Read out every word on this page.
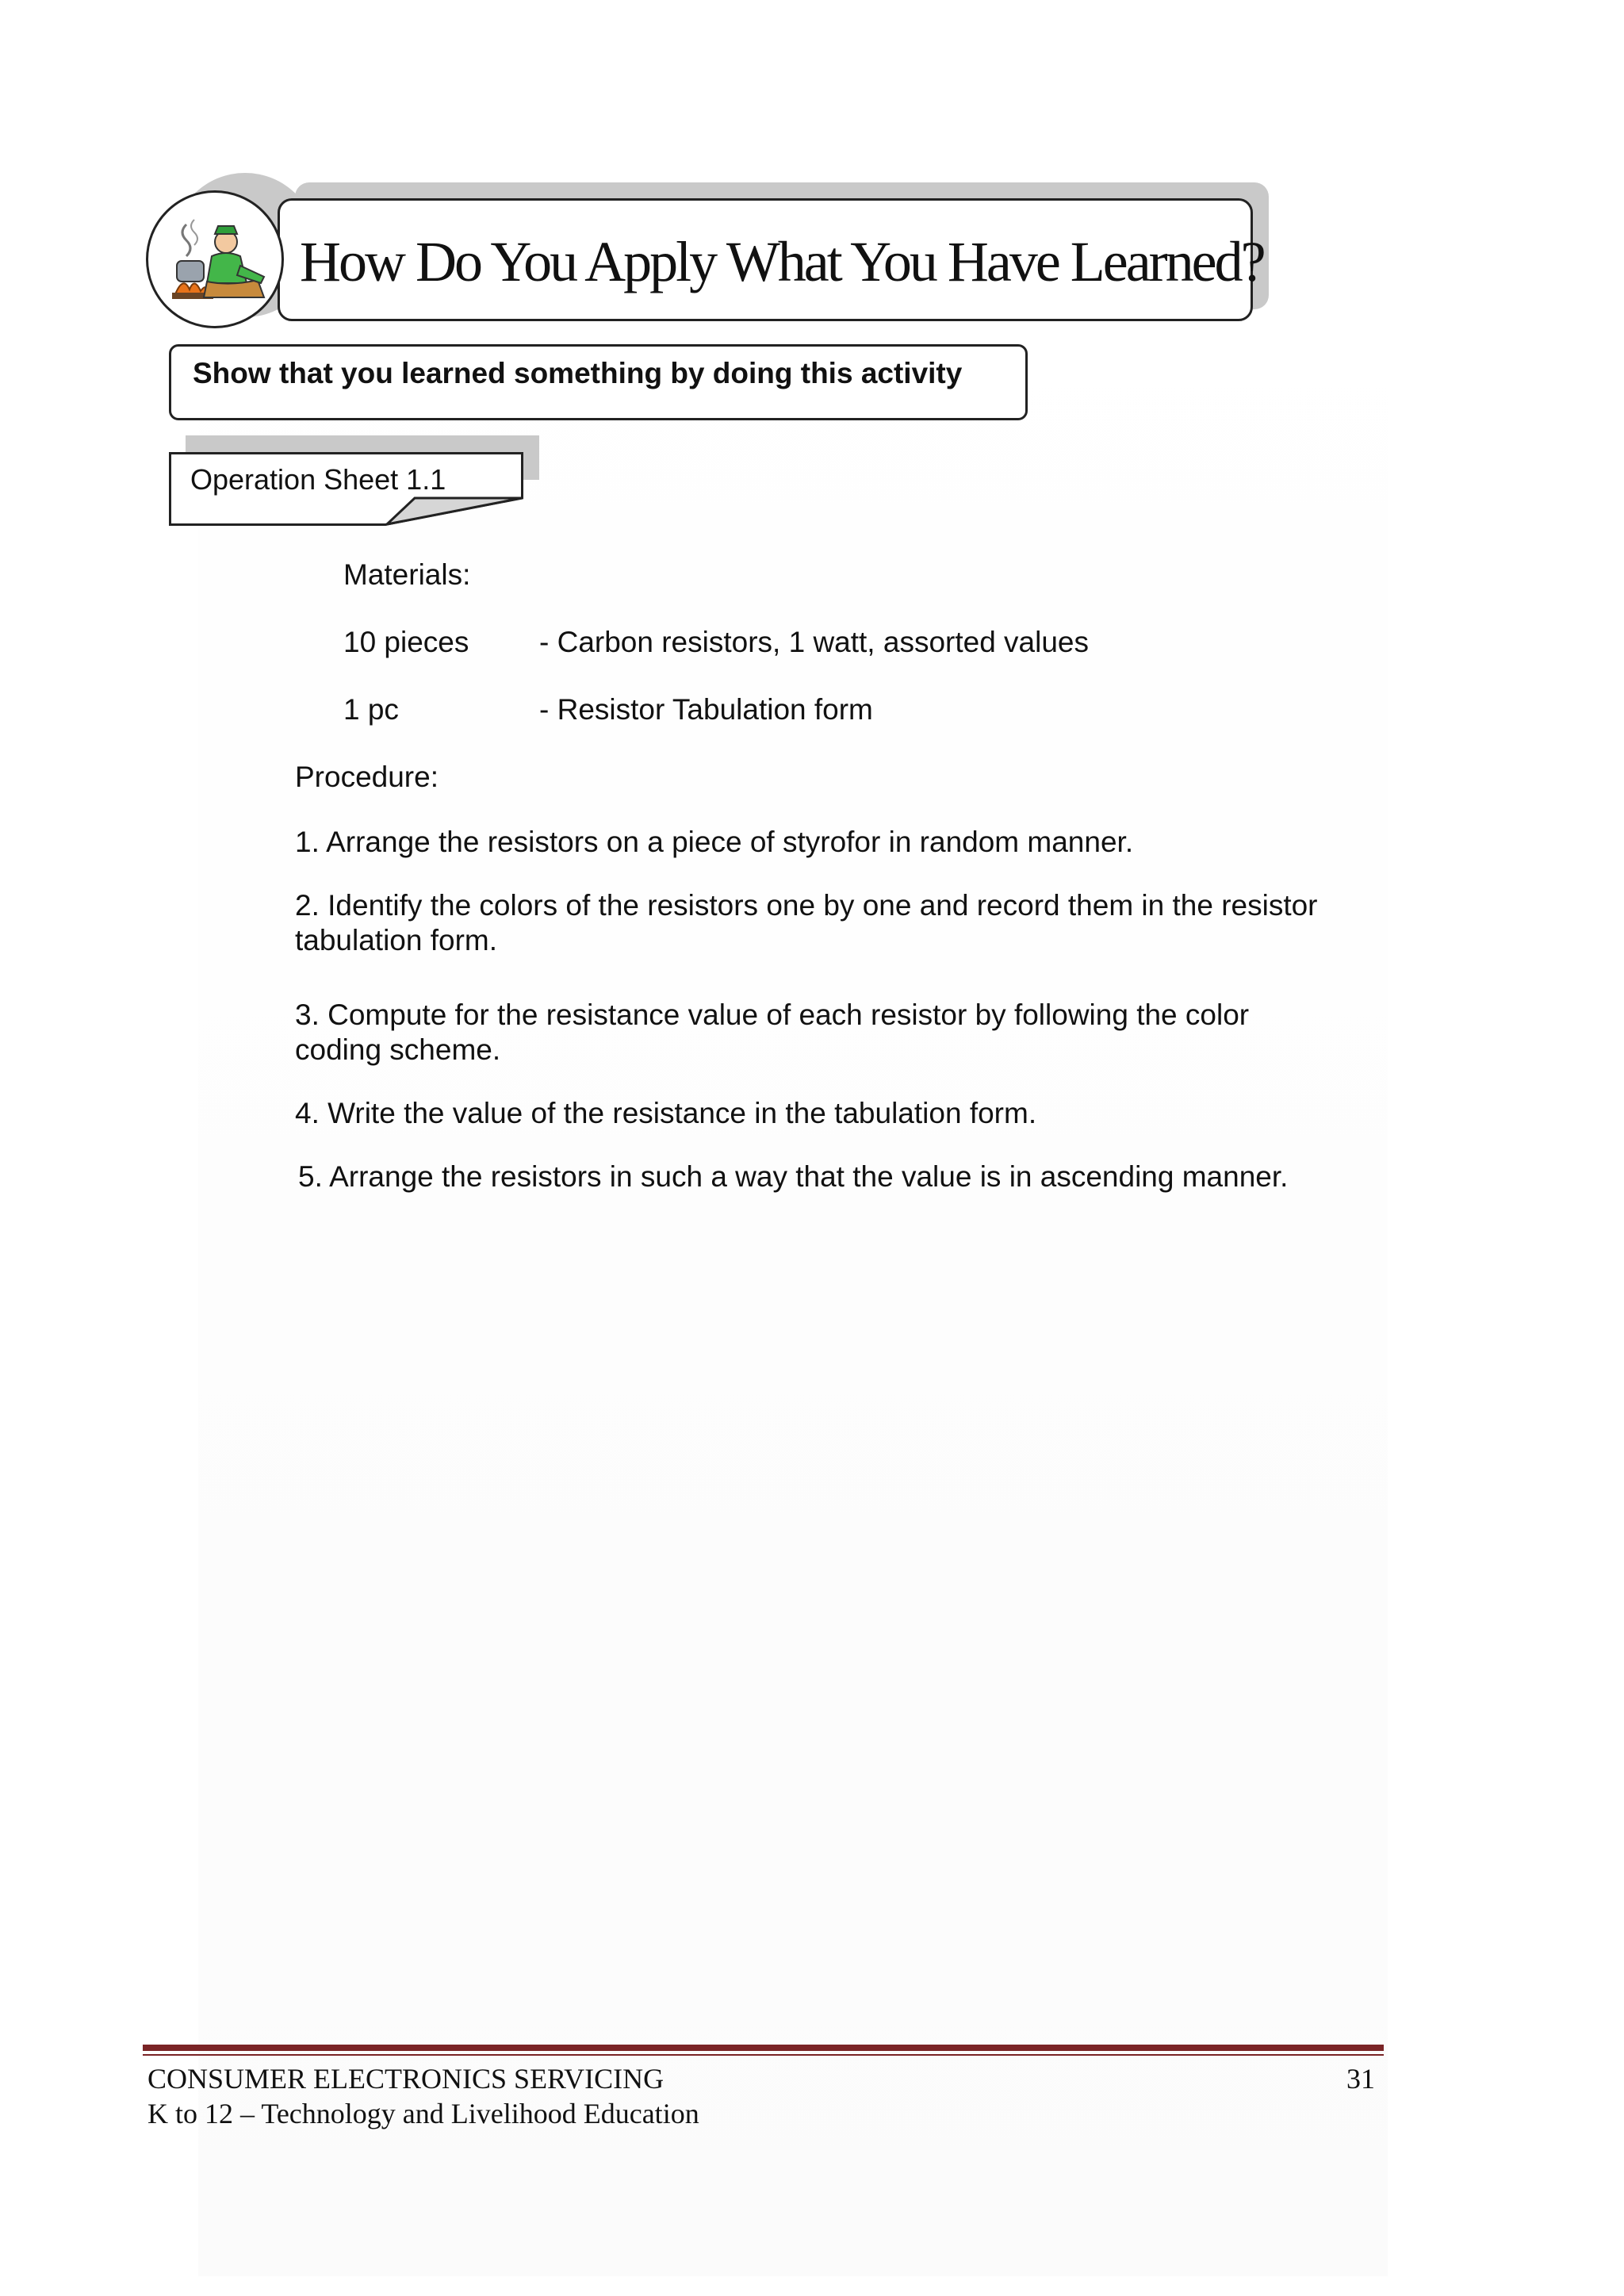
How Do You Apply What You Have Learned?
Show that you learned something by doing this activity
Operation Sheet 1.1
Materials:
10 pieces - Carbon resistors, 1 watt, assorted values
1 pc	- Resistor Tabulation form
Procedure:
1. Arrange the resistors on a piece of styrofor in random manner.
2. Identify the colors of the resistors one by one and record them in the resistor tabulation form.
3. Compute for the resistance value of each resistor by following the color coding scheme.
4. Write the value of the resistance in the tabulation form.
5. Arrange the resistors in such a way that the value is in ascending manner.
CONSUMER ELECTRONICS SERVICING
K to 12 – Technology and Livelihood Education
31
